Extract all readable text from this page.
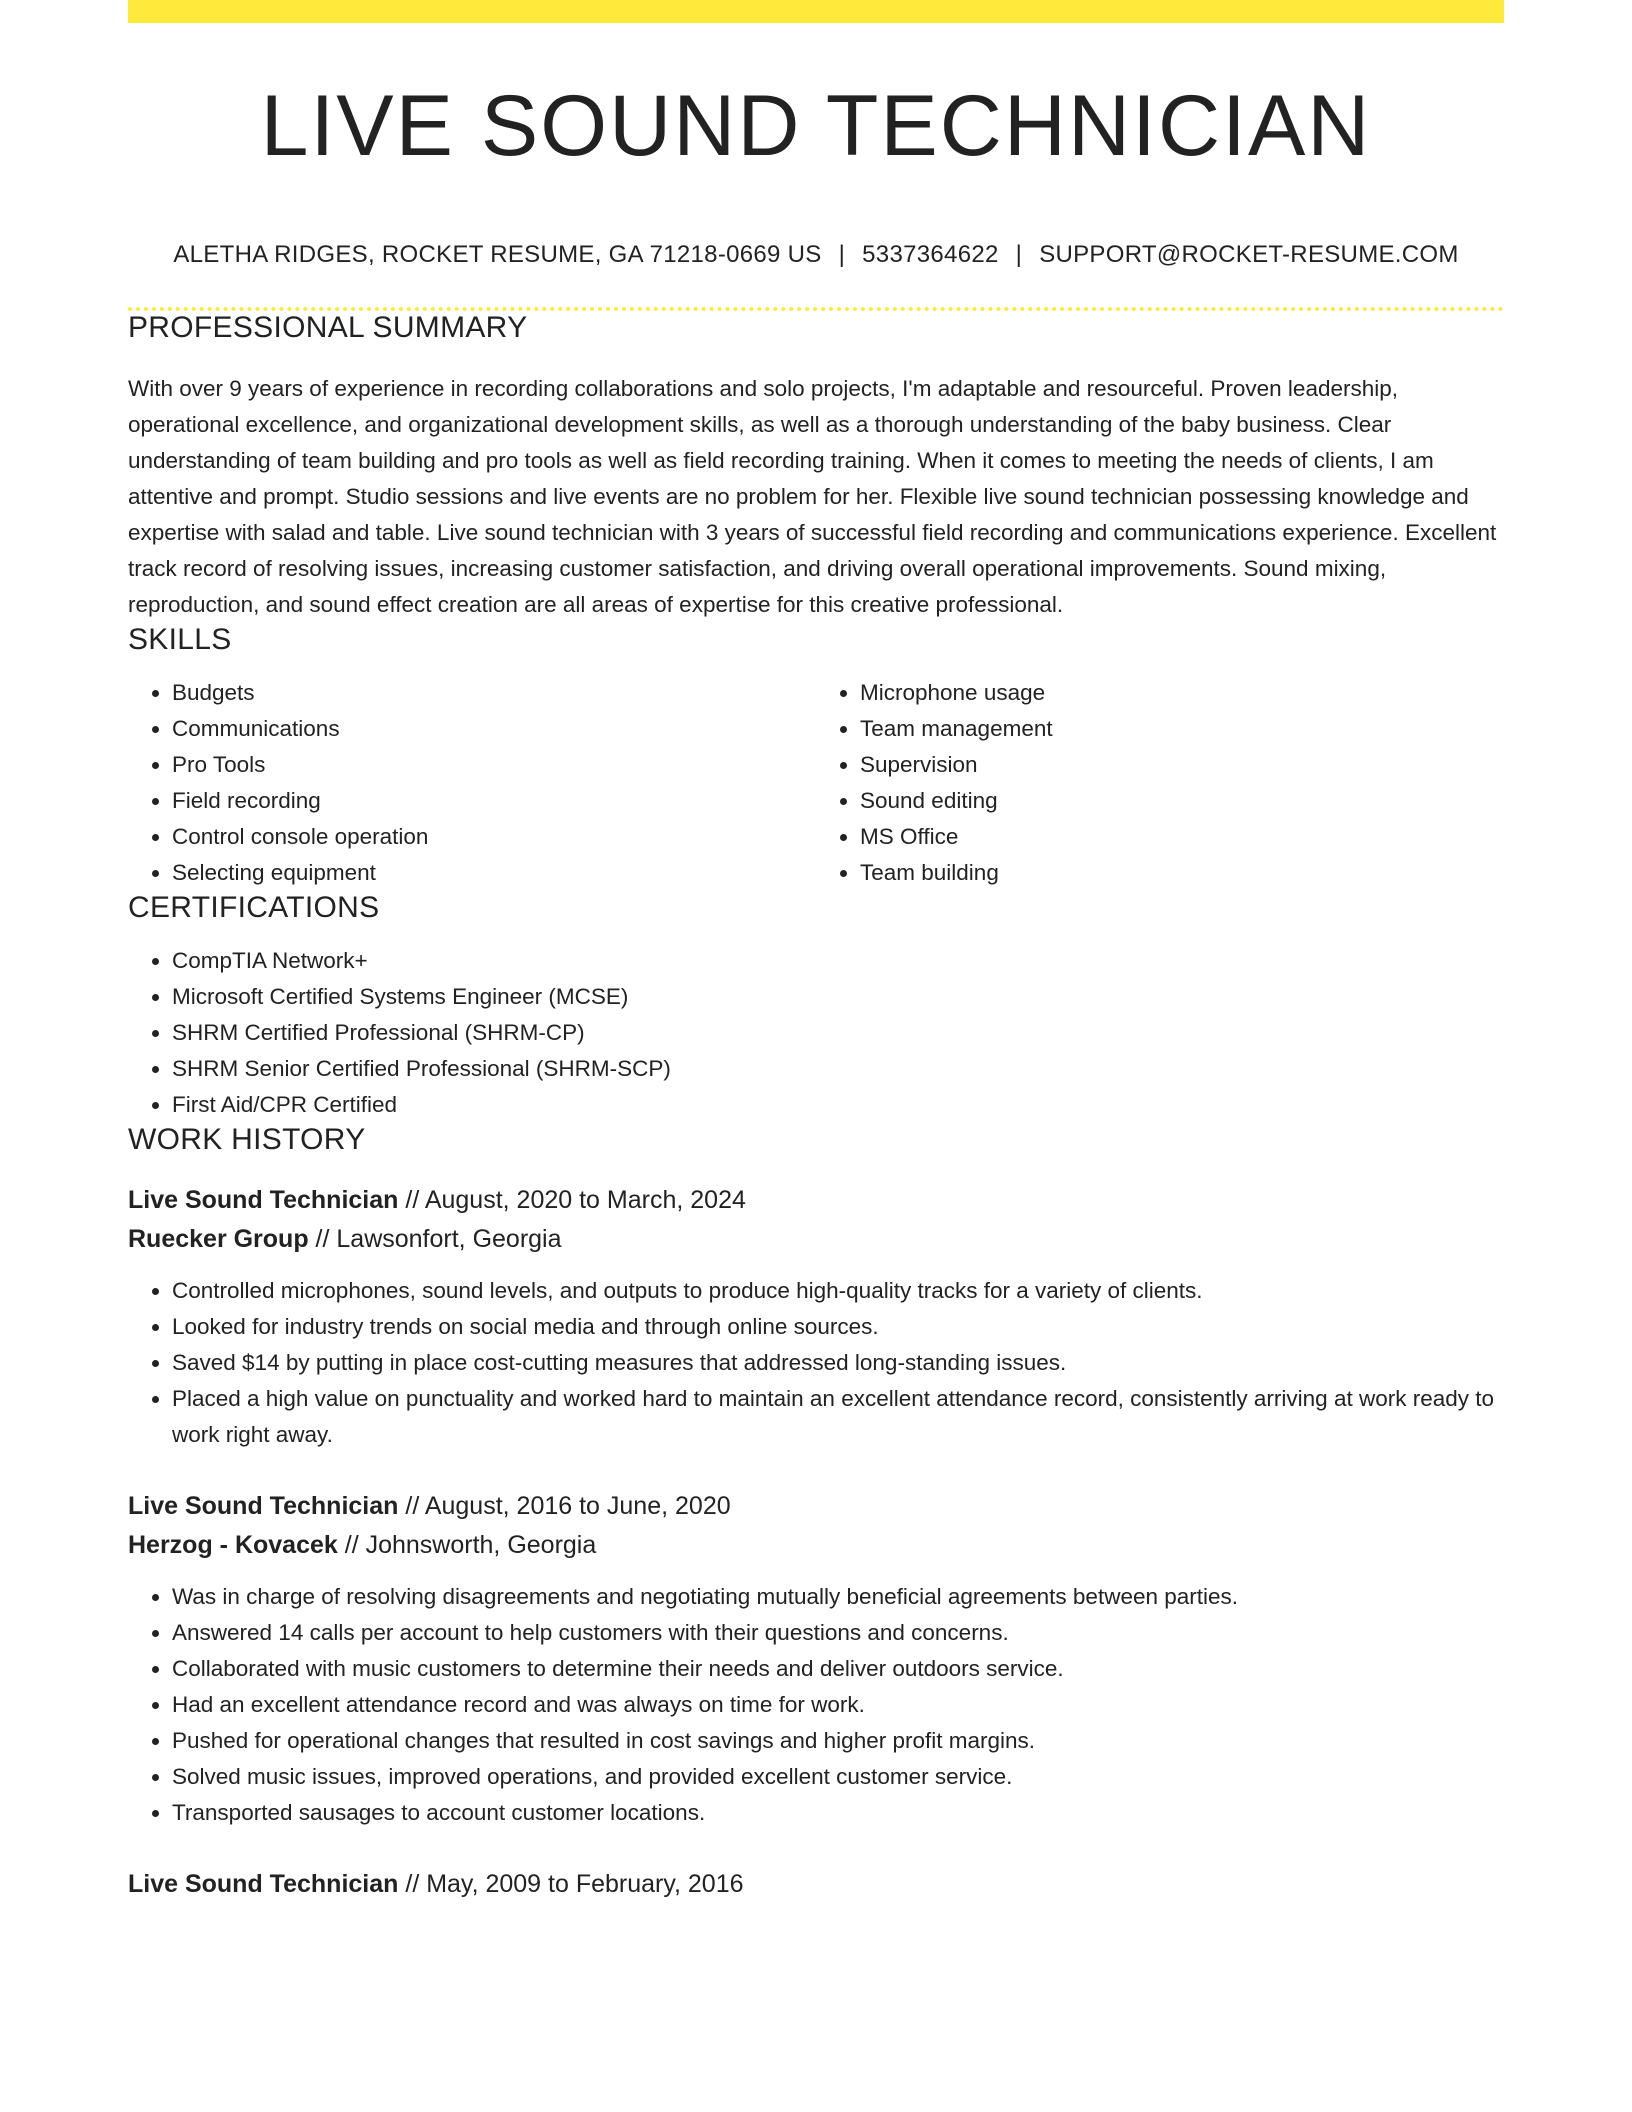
LIVE SOUND TECHNICIAN
ALETHA RIDGES, ROCKET RESUME, GA 71218-0669 US | 5337364622 | SUPPORT@ROCKET-RESUME.COM
PROFESSIONAL SUMMARY

With over 9 years of experience in recording collaborations and solo projects, I'm adaptable and resourceful. Proven leadership, operational excellence, and organizational development skills, as well as a thorough understanding of the baby business. Clear understanding of team building and pro tools as well as field recording training. When it comes to meeting the needs of clients, I am attentive and prompt. Studio sessions and live events are no problem for her. Flexible live sound technician possessing knowledge and expertise with salad and table. Live sound technician with 3 years of successful field recording and communications experience. Excellent track record of resolving issues, increasing customer satisfaction, and driving overall operational improvements. Sound mixing, reproduction, and sound effect creation are all areas of expertise for this creative professional.

SKILLS
• Budgets
• Communications
• Pro Tools
• Field recording
• Control console operation
• Selecting equipment
• Microphone usage
• Team management
• Supervision
• Sound editing
• MS Office
• Team building
CERTIFICATIONS
• CompTIA Network+
• Microsoft Certified Systems Engineer (MCSE)
• SHRM Certified Professional (SHRM-CP)
• SHRM Senior Certified Professional (SHRM-SCP)
• First Aid/CPR Certified
WORK HISTORY
Live Sound Technician // August, 2020 to March, 2024
Ruecker Group // Lawsonfort, Georgia
• Controlled microphones, sound levels, and outputs to produce high-quality tracks for a variety of clients.
• Looked for industry trends on social media and through online sources.
• Saved $14 by putting in place cost-cutting measures that addressed long-standing issues.
• Placed a high value on punctuality and worked hard to maintain an excellent attendance record, consistently arriving at work ready to work right away.
Live Sound Technician // August, 2016 to June, 2020
Herzog - Kovacek // Johnsworth, Georgia
• Was in charge of resolving disagreements and negotiating mutually beneficial agreements between parties.
• Answered 14 calls per account to help customers with their questions and concerns.
• Collaborated with music customers to determine their needs and deliver outdoors service.
• Had an excellent attendance record and was always on time for work.
• Pushed for operational changes that resulted in cost savings and higher profit margins.
• Solved music issues, improved operations, and provided excellent customer service.
• Transported sausages to account customer locations.
Live Sound Technician // May, 2009 to February, 2016
